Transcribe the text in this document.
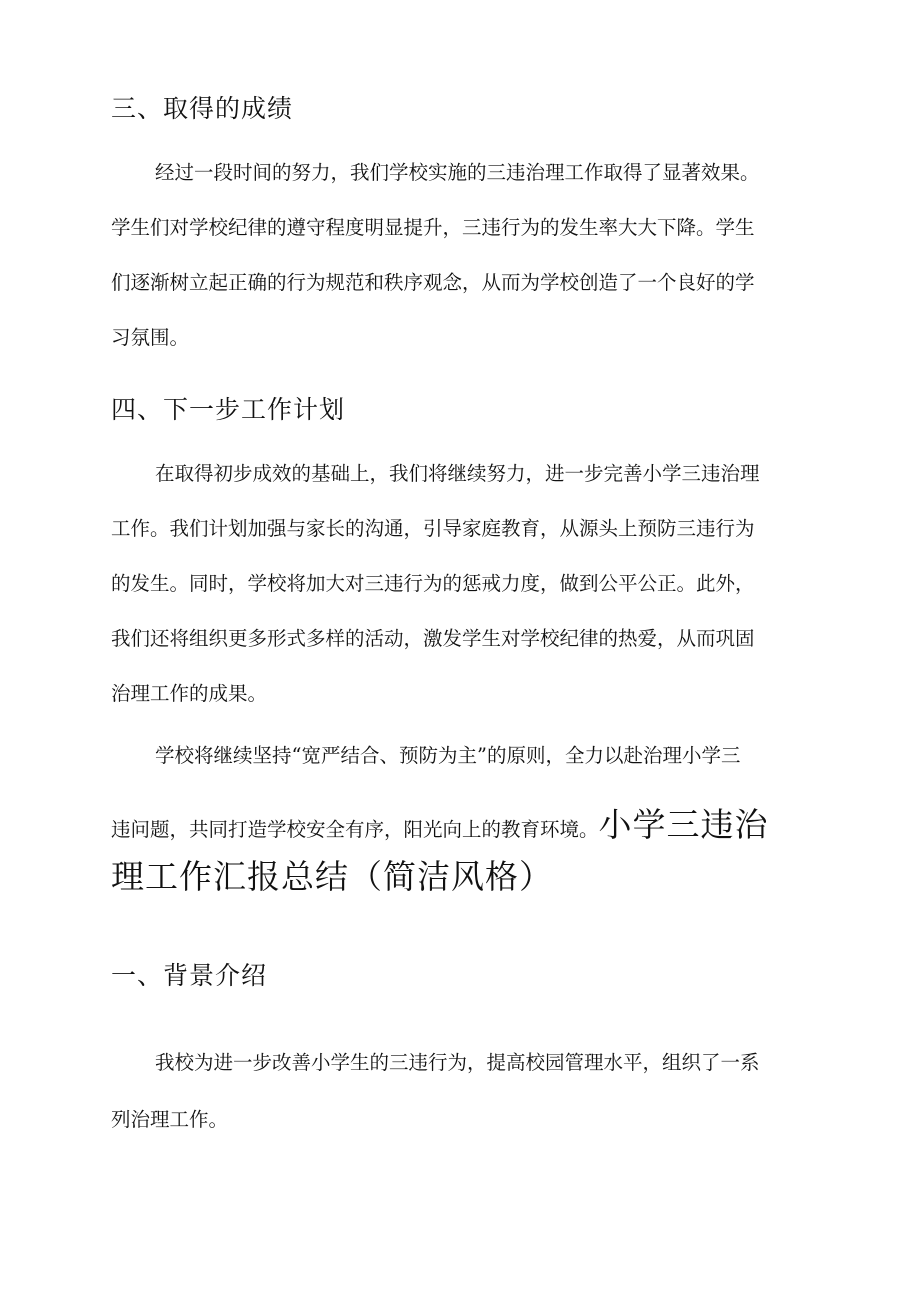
三、取得的成绩
经过一段时间的努力，我们学校实施的三违治理工作取得了显著效果。
学生们对学校纪律的遵守程度明显提升，三违行为的发生率大大下降。学生
们逐渐树立起正确的行为规范和秩序观念，从而为学校创造了一个良好的学
习氛围。
四、下一步工作计划
在取得初步成效的基础上，我们将继续努力，进一步完善小学三违治理
工作。我们计划加强与家长的沟通，引导家庭教育，从源头上预防三违行为
的发生。同时，学校将加大对三违行为的惩戒力度，做到公平公正。此外，
我们还将组织更多形式多样的活动，激发学生对学校纪律的热爱，从而巩固
治理工作的成果。
学校将继续坚持“宽严结合、预防为主”的原则，全力以赴治理小学三
违问题，共同打造学校安全有序，阳光向上的教育环境。小学三违治
理工作汇报总结（简洁风格）
一、背景介绍
我校为进一步改善小学生的三违行为，提高校园管理水平，组织了一系
列治理工作。
